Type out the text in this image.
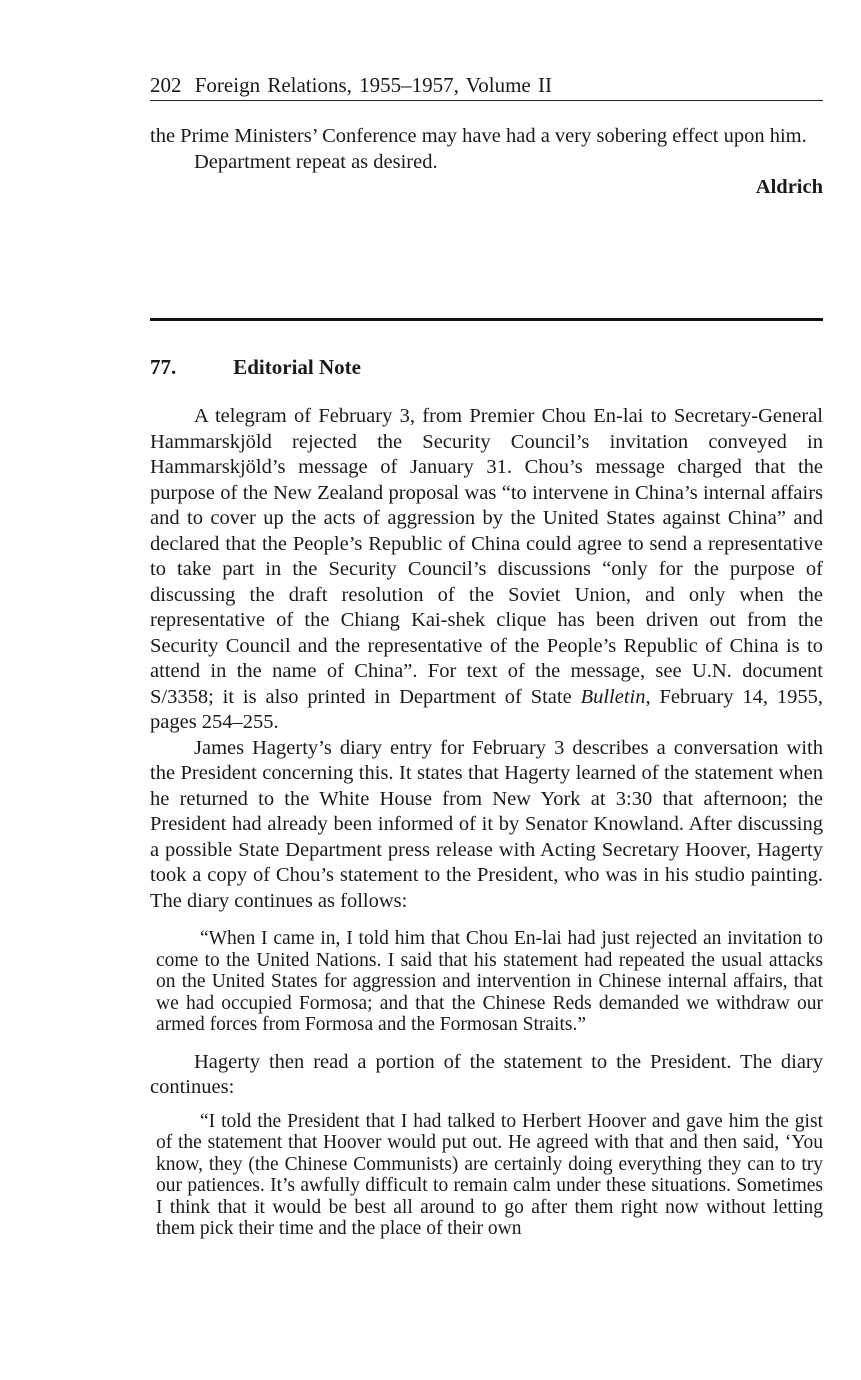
202 Foreign Relations, 1955–1957, Volume II

the Prime Ministers’ Conference may have had a very sobering effect upon him.

Department repeat as desired.

Aldrich

77.	Editorial Note

A telegram of February 3, from Premier Chou En-lai to Secretary-General Hammarskjöld rejected the Security Council’s invitation conveyed in Hammarskjöld’s message of January 31. Chou’s message charged that the purpose of the New Zealand proposal was “to intervene in China’s internal affairs and to cover up the acts of aggression by the United States against China” and declared that the People’s Republic of China could agree to send a representative to take part in the Security Council’s discussions “only for the purpose of discussing the draft resolution of the Soviet Union, and only when the representative of the Chiang Kai-shek clique has been driven out from the Security Council and the representative of the People’s Republic of China is to attend in the name of China”. For text of the message, see U.N. document S/3358; it is also printed in Department of State Bulletin, February 14, 1955, pages 254–255.

James Hagerty’s diary entry for February 3 describes a conversation with the President concerning this. It states that Hagerty learned of the statement when he returned to the White House from New York at 3:30 that afternoon; the President had already been informed of it by Senator Knowland. After discussing a possible State Department press release with Acting Secretary Hoover, Hagerty took a copy of Chou’s statement to the President, who was in his studio painting. The diary continues as follows:

“When I came in, I told him that Chou En-lai had just rejected an invitation to come to the United Nations. I said that his statement had repeated the usual attacks on the United States for aggression and intervention in Chinese internal affairs, that we had occupied Formosa; and that the Chinese Reds demanded we withdraw our armed forces from Formosa and the Formosan Straits.”

Hagerty then read a portion of the statement to the President. The diary continues:

“I told the President that I had talked to Herbert Hoover and gave him the gist of the statement that Hoover would put out. He agreed with that and then said, ‘You know, they (the Chinese Communists) are certainly doing everything they can to try our patiences. It’s awfully difficult to remain calm under these situations. Sometimes I think that it would be best all around to go after them right now without letting them pick their time and the place of their own
